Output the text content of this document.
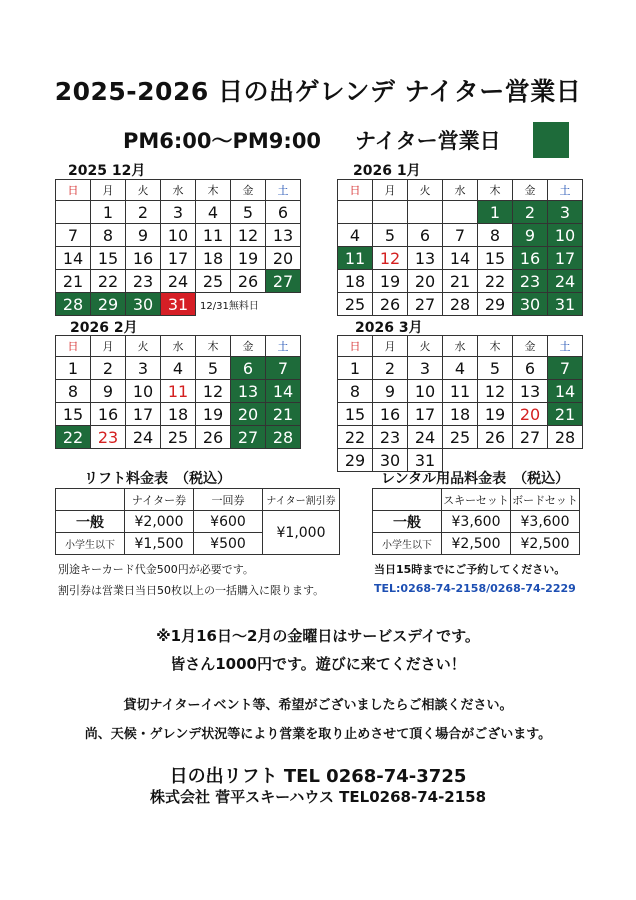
2025-2026 日の出ゲレンデ ナイター営業日
PM6:00〜PM9:00 ナイター営業日
2025 12月
日	月	火	水	木	金	土
	1	2	3	4	5	6
7	8	9	10	11	12	13
14	15	16	17	18	19	20
21	22	23	24	25	26	27
28	29	30	31	12/31無料日		
2026 1月
日	月	火	水	木	金	土
				1	2	3
4	5	6	7	8	9	10
11	12	13	14	15	16	17
18	19	20	21	22	23	24
25	26	27	28	29	30	31
2026 2月
日	月	火	水	木	金	土
1	2	3	4	5	6	7
8	9	10	11	12	13	14
15	16	17	18	19	20	21
22	23	24	25	26	27	28
2026 3月
日	月	火	水	木	金	土
1	2	3	4	5	6	7
8	9	10	11	12	13	14
15	16	17	18	19	20	21
22	23	24	25	26	27	28
29	30	31				
リフト料金表　（税込）
	ナイター券	一回券	ナイター割引券
一般	¥2,000	¥600	¥1,000
小学生以下	¥1,500	¥500	
別途キーカード代金500円が必要です。
割引券は営業日当日50枚以上の一括購入に限ります。
レンタル用品料金表　（税込）
	スキーセット	ボードセット
一般	¥3,600	¥3,600
小学生以下	¥2,500	¥2,500
当日15時までにご予約してください。
TEL:0268-74-2158/0268-74-2229
※1月16日〜2月の金曜日はサービスデイです。
皆さん1000円です。遊びに来てください！
貸切ナイターイベント等、希望がございましたらご相談ください。
尚、天候・ゲレンデ状況等により営業を取り止めさせて頂く場合がございます。
日の出リフト TEL 0268-74-3725
株式会社 菅平スキーハウス TEL0268-74-2158
